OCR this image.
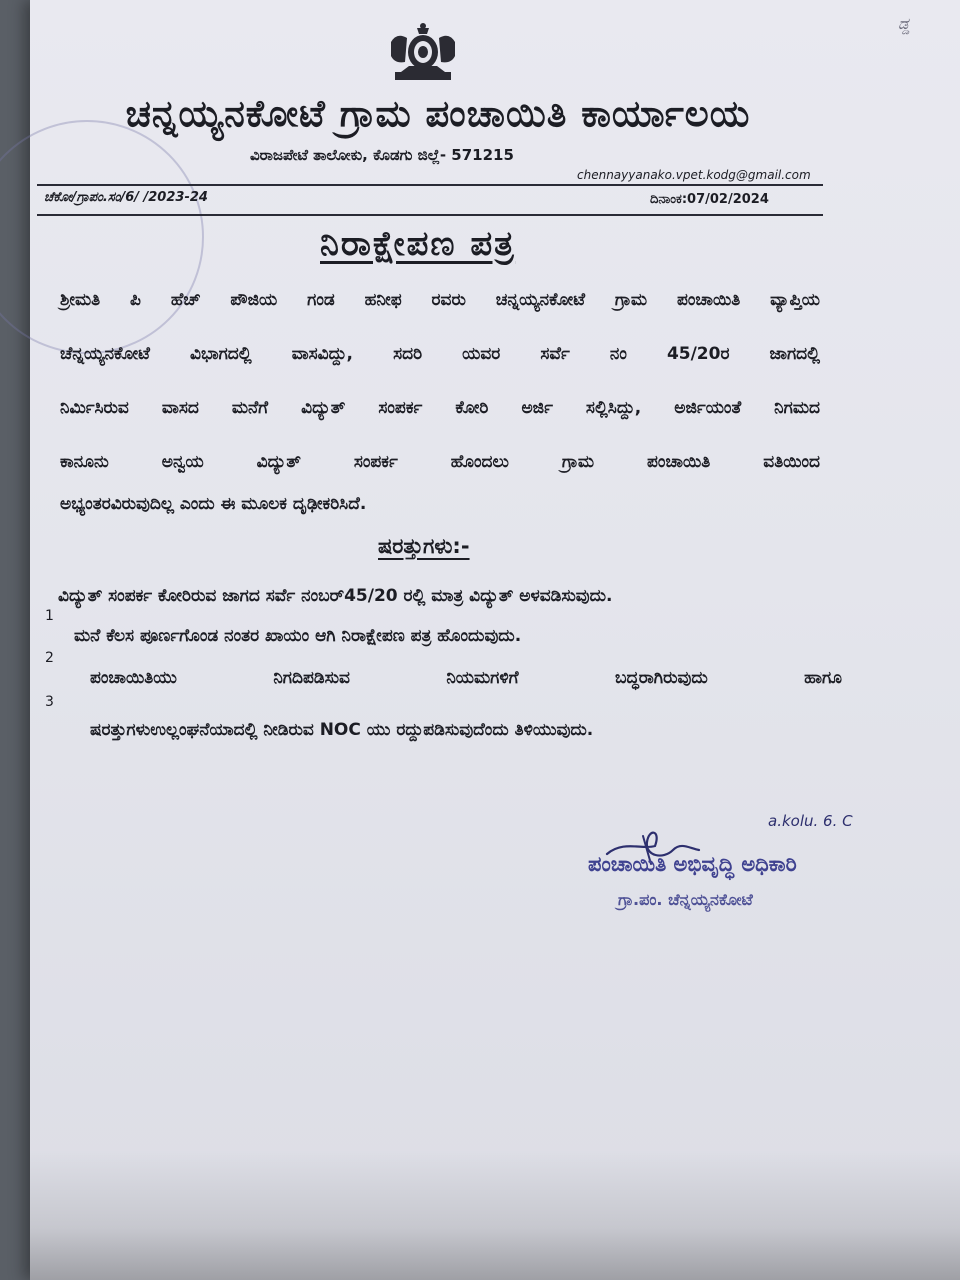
ಡ್ಡ
ಚನ್ನಯ್ಯನಕೋಟೆ ಗ್ರಾಮ ಪಂಚಾಯಿತಿ ಕಾರ್ಯಾಲಯ
ವಿರಾಜಪೇಟೆ ತಾಲೋಕು, ಕೊಡಗು ಜಿಲ್ಲೆ- 571215
chennayyanako.vpet.kodg@gmail.com
ಚೆಕೋ/ಗ್ರಾಪಂ.ಸಂ/6/ /2023-24	ದಿನಾಂಕ:07/02/2024
ನಿರಾಕ್ಷೇಪಣ ಪತ್ರ
ಶ್ರೀಮತಿ ಪಿ ಹೆಚ್ ಪೌಜಿಯ ಗಂಡ ಹನೀಫ ರವರು ಚನ್ನಯ್ಯನಕೋಟೆ ಗ್ರಾಮ ಪಂಚಾಯಿತಿ ವ್ಯಾಪ್ತಿಯ
ಚೆನ್ನಯ್ಯನಕೋಟೆ ವಿಭಾಗದಲ್ಲಿ ವಾಸವಿದ್ದು, ಸದರಿ ಯವರ ಸರ್ವೆ ನಂ 45/20ರ ಜಾಗದಲ್ಲಿ
ನಿರ್ಮಿಸಿರುವ ವಾಸದ ಮನೆಗೆ ವಿದ್ಯುತ್ ಸಂಪರ್ಕ ಕೋರಿ ಅರ್ಜಿ ಸಲ್ಲಿಸಿದ್ದು, ಅರ್ಜಿಯಂತೆ ನಿಗಮದ
ಕಾನೂನು ಅನ್ವಯ ವಿದ್ಯುತ್ ಸಂಪರ್ಕ ಹೊಂದಲು ಗ್ರಾಮ ಪಂಚಾಯಿತಿ ವತಿಯಿಂದ
ಅಭ್ಯಂತರವಿರುವುದಿಲ್ಲ ಎಂದು ಈ ಮೂಲಕ ದೃಢೀಕರಿಸಿದೆ.
ಷರತ್ತುಗಳು:-
1
ವಿದ್ಯುತ್ ಸಂಪರ್ಕ ಕೋರಿರುವ ಜಾಗದ ಸರ್ವೆ ನಂಬರ್45/20 ರಲ್ಲಿ ಮಾತ್ರ ವಿದ್ಯುತ್ ಅಳವಡಿಸುವುದು.
2
ಮನೆ ಕೆಲಸ ಪೂರ್ಣಗೊಂಡ ನಂತರ ಖಾಯಂ ಆಗಿ ನಿರಾಕ್ಷೇಪಣ ಪತ್ರ ಹೊಂದುವುದು.
3
ಪಂಚಾಯಿತಿಯು ನಿಗದಿಪಡಿಸುವ ನಿಯಮಗಳಿಗೆ ಬದ್ಧರಾಗಿರುವುದು ಹಾಗೂ
ಷರತ್ತುಗಳುಉಲ್ಲಂಘನೆಯಾದಲ್ಲಿ ನೀಡಿರುವ NOC ಯು ರದ್ದುಪಡಿಸುವುದೆಂದು ತಿಳಿಯುವುದು.
a.kolu. 6. C
ಪಂಚಾಯಿತಿ ಅಭಿವೃದ್ಧಿ ಅಧಿಕಾರಿ
ಗ್ರಾ.ಪಂ. ಚೆನ್ನಯ್ಯನಕೋಟೆ
